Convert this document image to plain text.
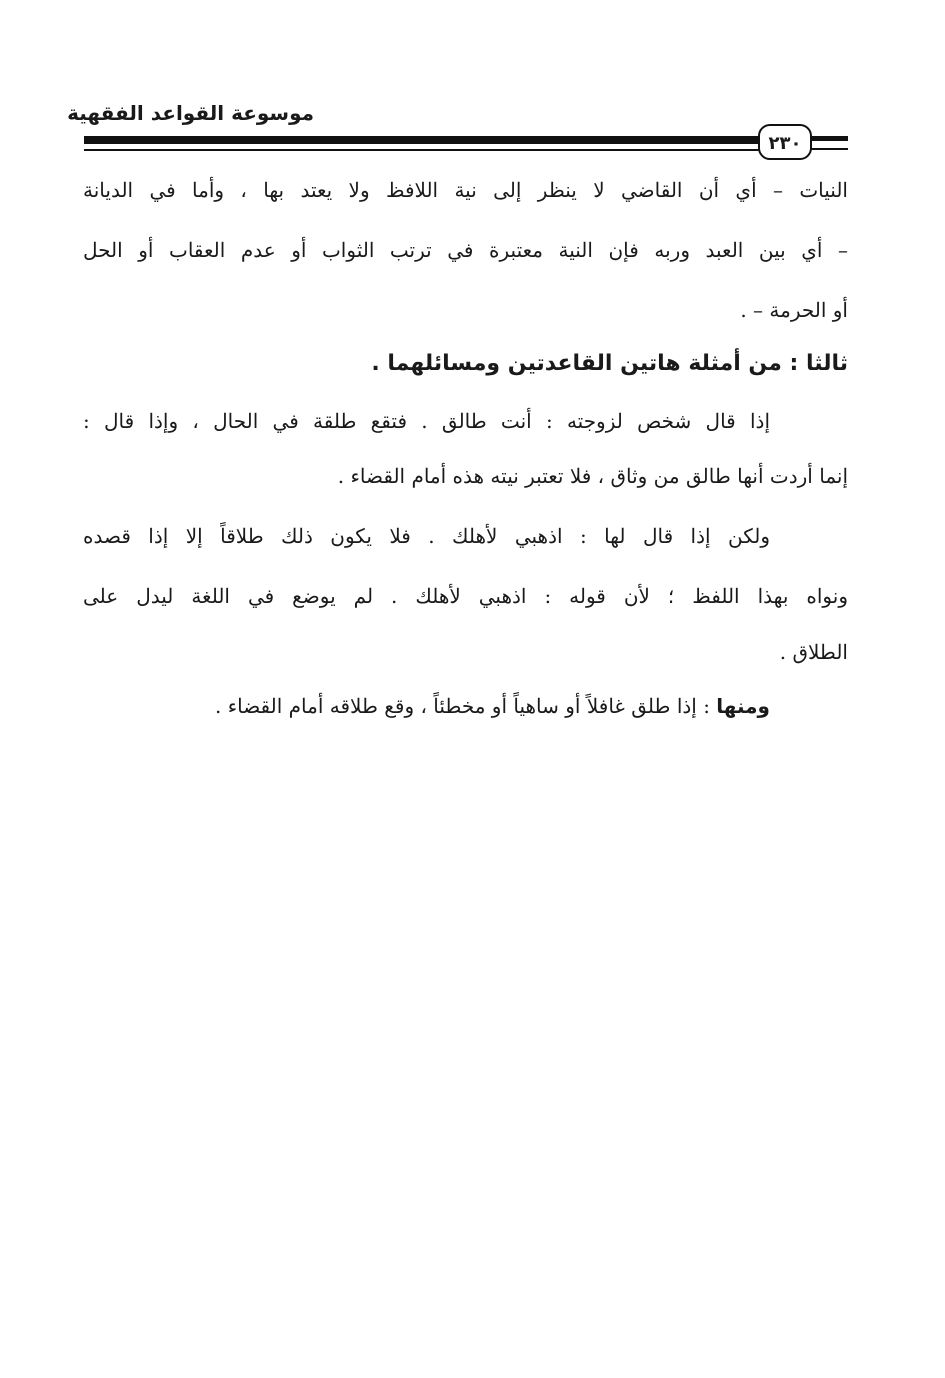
موسوعة القواعد الفقهية
٢٣٠
النيات – أي أن القاضي لا ينظر إلى نية اللافظ ولا يعتد بها ، وأما في الديانة
– أي بين العبد وربه فإن النية معتبرة في ترتب الثواب أو عدم العقاب أو الحل
أو الحرمة – .
ثالثا : من أمثلة هاتين القاعدتين ومسائلهما .
إذا قال شخص لزوجته : أنت طالق . فتقع طلقة في الحال ، وإذا قال :
إنما أردت أنها طالق من وثاق ، فلا تعتبر نيته هذه أمام القضاء .
ولكن إذا قال لها : اذهبي لأهلك . فلا يكون ذلك طلاقاً إلا إذا قصده
ونواه بهذا اللفظ ؛ لأن قوله : اذهبي لأهلك . لم يوضع في اللغة ليدل على
الطلاق .
ومنها : إذا طلق غافلاً أو ساهياً أو مخطئاً ، وقع طلاقه أمام القضاء .
